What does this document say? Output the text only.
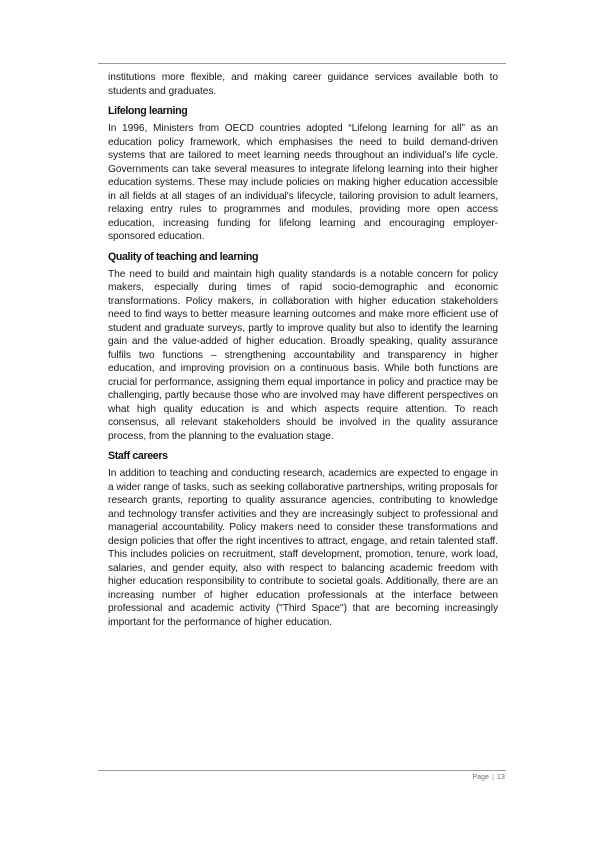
institutions more flexible, and making career guidance services available both to students and graduates.

Lifelong learning

In 1996, Ministers from OECD countries adopted “Lifelong learning for all” as an education policy framework, which emphasises the need to build demand-driven systems that are tailored to meet learning needs throughout an individual’s life cycle. Governments can take several measures to integrate lifelong learning into their higher education systems. These may include policies on making higher education accessible in all fields at all stages of an individual's lifecycle, tailoring provision to adult learners, relaxing entry rules to programmes and modules, providing more open access education, increasing funding for lifelong learning and encouraging employer-sponsored education.

Quality of teaching and learning

The need to build and maintain high quality standards is a notable concern for policy makers, especially during times of rapid socio-demographic and economic transformations. Policy makers, in collaboration with higher education stakeholders need to find ways to better measure learning outcomes and make more efficient use of student and graduate surveys, partly to improve quality but also to identify the learning gain and the value-added of higher education. Broadly speaking, quality assurance fulfils two functions – strengthening accountability and transparency in higher education, and improving provision on a continuous basis. While both functions are crucial for performance, assigning them equal importance in policy and practice may be challenging, partly because those who are involved may have different perspectives on what high quality education is and which aspects require attention. To reach consensus, all relevant stakeholders should be involved in the quality assurance process, from the planning to the evaluation stage.

Staff careers

In addition to teaching and conducting research, academics are expected to engage in a wider range of tasks, such as seeking collaborative partnerships, writing proposals for research grants, reporting to quality assurance agencies, contributing to knowledge and technology transfer activities and they are increasingly subject to professional and managerial accountability. Policy makers need to consider these transformations and design policies that offer the right incentives to attract, engage, and retain talented staff. This includes policies on recruitment, staff development, promotion, tenure, work load, salaries, and gender equity, also with respect to balancing academic freedom with higher education responsibility to contribute to societal goals. Additionally, there are an increasing number of higher education professionals at the interface between professional and academic activity ("Third Space") that are becoming increasingly important for the performance of higher education.

Page | 13
